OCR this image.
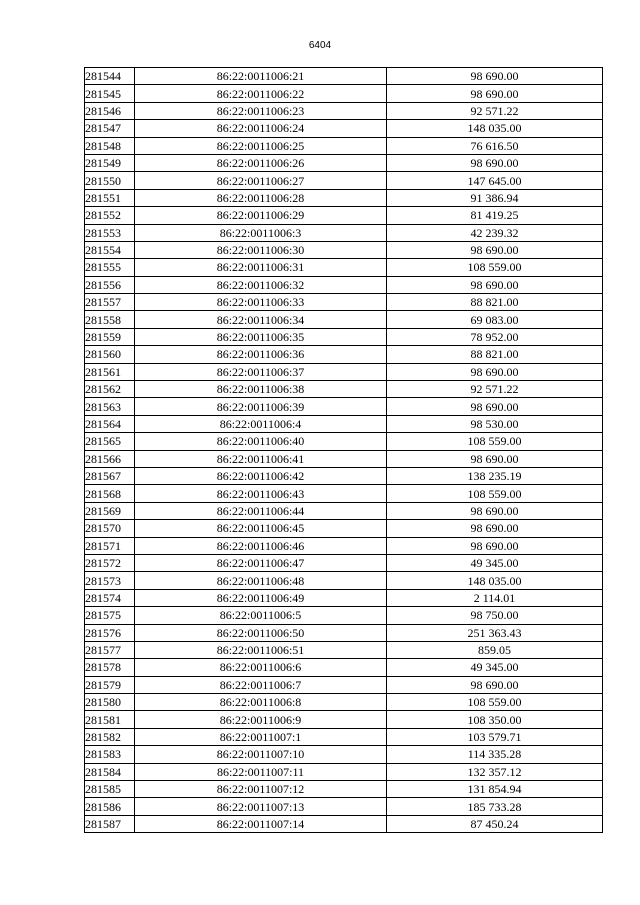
6404
281544	86:22:0011006:21	98 690.00
281545	86:22:0011006:22	98 690.00
281546	86:22:0011006:23	92 571.22
281547	86:22:0011006:24	148 035.00
281548	86:22:0011006:25	76 616.50
281549	86:22:0011006:26	98 690.00
281550	86:22:0011006:27	147 645.00
281551	86:22:0011006:28	91 386.94
281552	86:22:0011006:29	81 419.25
281553	86:22:0011006:3	42 239.32
281554	86:22:0011006:30	98 690.00
281555	86:22:0011006:31	108 559.00
281556	86:22:0011006:32	98 690.00
281557	86:22:0011006:33	88 821.00
281558	86:22:0011006:34	69 083.00
281559	86:22:0011006:35	78 952.00
281560	86:22:0011006:36	88 821.00
281561	86:22:0011006:37	98 690.00
281562	86:22:0011006:38	92 571.22
281563	86:22:0011006:39	98 690.00
281564	86:22:0011006:4	98 530.00
281565	86:22:0011006:40	108 559.00
281566	86:22:0011006:41	98 690.00
281567	86:22:0011006:42	138 235.19
281568	86:22:0011006:43	108 559.00
281569	86:22:0011006:44	98 690.00
281570	86:22:0011006:45	98 690.00
281571	86:22:0011006:46	98 690.00
281572	86:22:0011006:47	49 345.00
281573	86:22:0011006:48	148 035.00
281574	86:22:0011006:49	2 114.01
281575	86:22:0011006:5	98 750.00
281576	86:22:0011006:50	251 363.43
281577	86:22:0011006:51	859.05
281578	86:22:0011006:6	49 345.00
281579	86:22:0011006:7	98 690.00
281580	86:22:0011006:8	108 559.00
281581	86:22:0011006:9	108 350.00
281582	86:22:0011007:1	103 579.71
281583	86:22:0011007:10	114 335.28
281584	86:22:0011007:11	132 357.12
281585	86:22:0011007:12	131 854.94
281586	86:22:0011007:13	185 733.28
281587	86:22:0011007:14	87 450.24
